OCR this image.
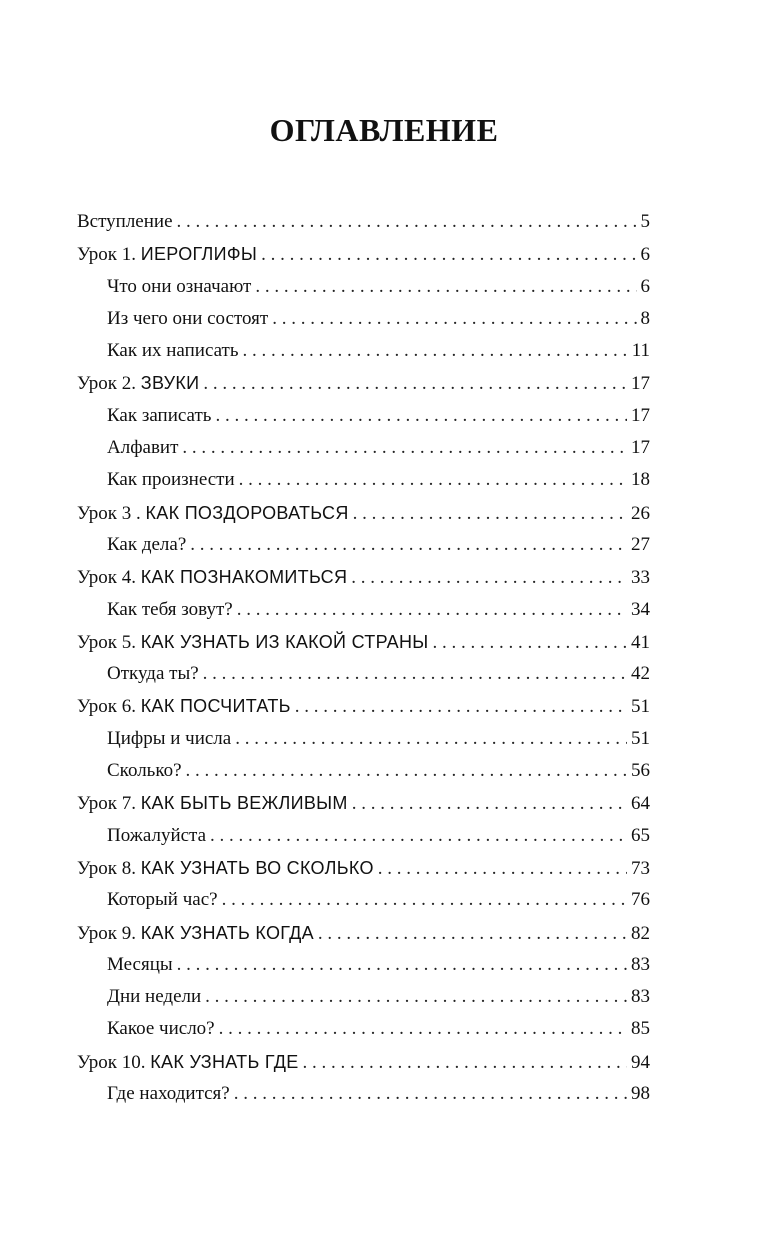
ОГЛАВЛЕНИЕ
Вступление . . .	5
Урок 1. ИЕРОГЛИФЫ . . .	6
Что они означают . . .	6
Из чего они состоят . . .	8
Как их написать . . .	11
Урок 2. ЗВУКИ . . .	17
Как записать . . .	17
Алфавит . . .	17
Как произнести . . .	18
Урок 3 . КАК ПОЗДОРОВАТЬСЯ . . .	26
Как дела? . . .	27
Урок 4. КАК ПОЗНАКОМИТЬСЯ . . .	33
Как тебя зовут? . . .	34
Урок 5. КАК УЗНАТЬ ИЗ КАКОЙ СТРАНЫ . . .	41
Откуда ты? . . .	42
Урок 6. КАК ПОСЧИТАТЬ . . .	51
Цифры и числа . . .	51
Сколько? . . .	56
Урок 7. КАК БЫТЬ ВЕЖЛИВЫМ . . .	64
Пожалуйста . . .	65
Урок 8. КАК УЗНАТЬ ВО СКОЛЬКО . . .	73
Который час? . . .	76
Урок 9. КАК УЗНАТЬ КОГДА . . .	82
Месяцы . . .	83
Дни недели . . .	83
Какое число? . . .	85
Урок 10. КАК УЗНАТЬ ГДЕ . . .	94
Где находится? . . .	98
